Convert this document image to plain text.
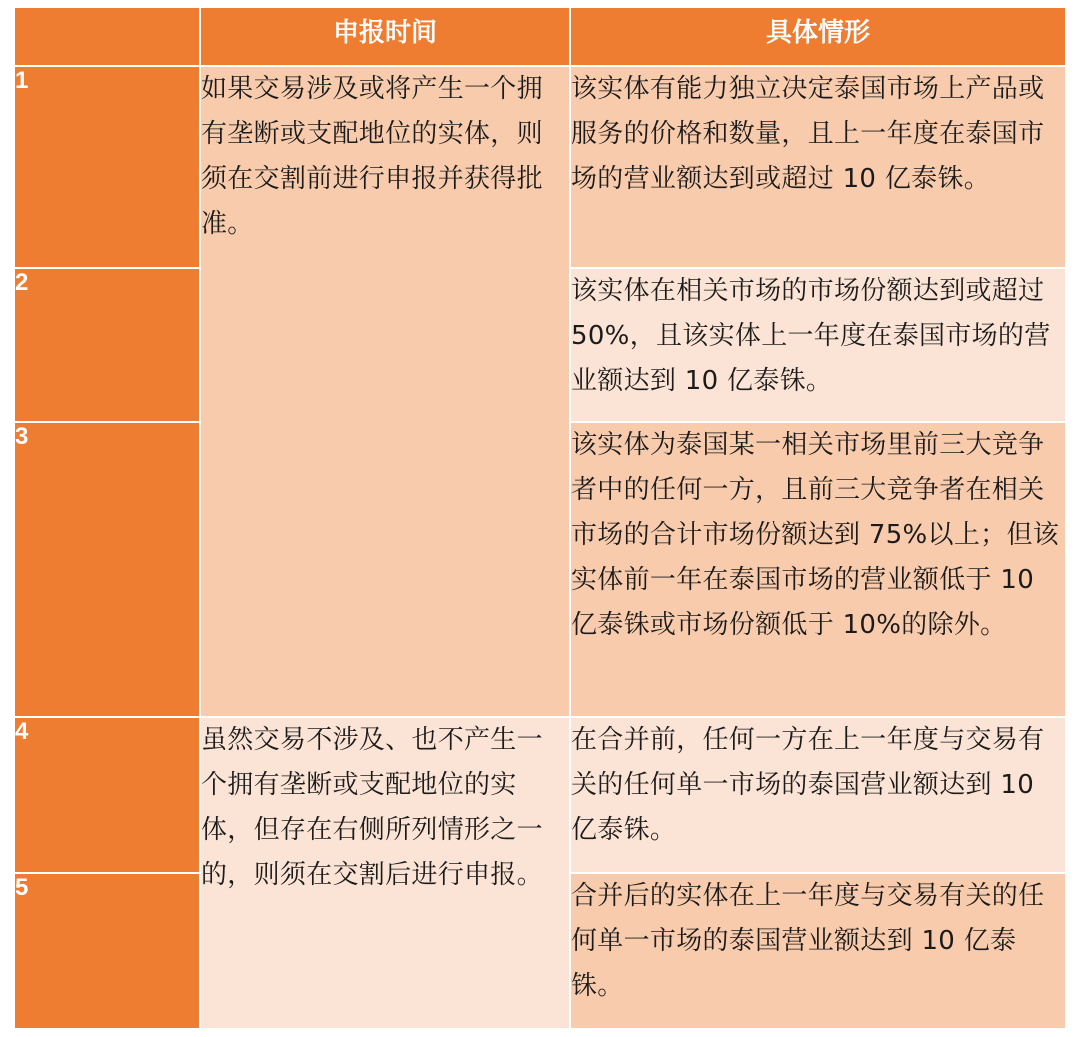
	申报时间	具体情形
1	如果交易涉及或将产生一个拥有垄断或支配地位的实体，则须在交割前进行申报并获得批准。	该实体有能力独立决定泰国市场上产品或服务的价格和数量，且上一年度在泰国市场的营业额达到或超过 10 亿泰铢。
2		该实体在相关市场的市场份额达到或超过 50%，且该实体上一年度在泰国市场的营业额达到 10 亿泰铢。
3		该实体为泰国某一相关市场里前三大竞争者中的任何一方，且前三大竞争者在相关市场的合计市场份额达到 75%以上；但该实体前一年在泰国市场的营业额低于 10 亿泰铢或市场份额低于 10%的除外。
4	虽然交易不涉及、也不产生一个拥有垄断或支配地位的实体，但存在右侧所列情形之一的，则须在交割后进行申报。	在合并前，任何一方在上一年度与交易有关的任何单一市场的泰国营业额达到 10 亿泰铢。
5		合并后的实体在上一年度与交易有关的任何单一市场的泰国营业额达到 10 亿泰铢。
